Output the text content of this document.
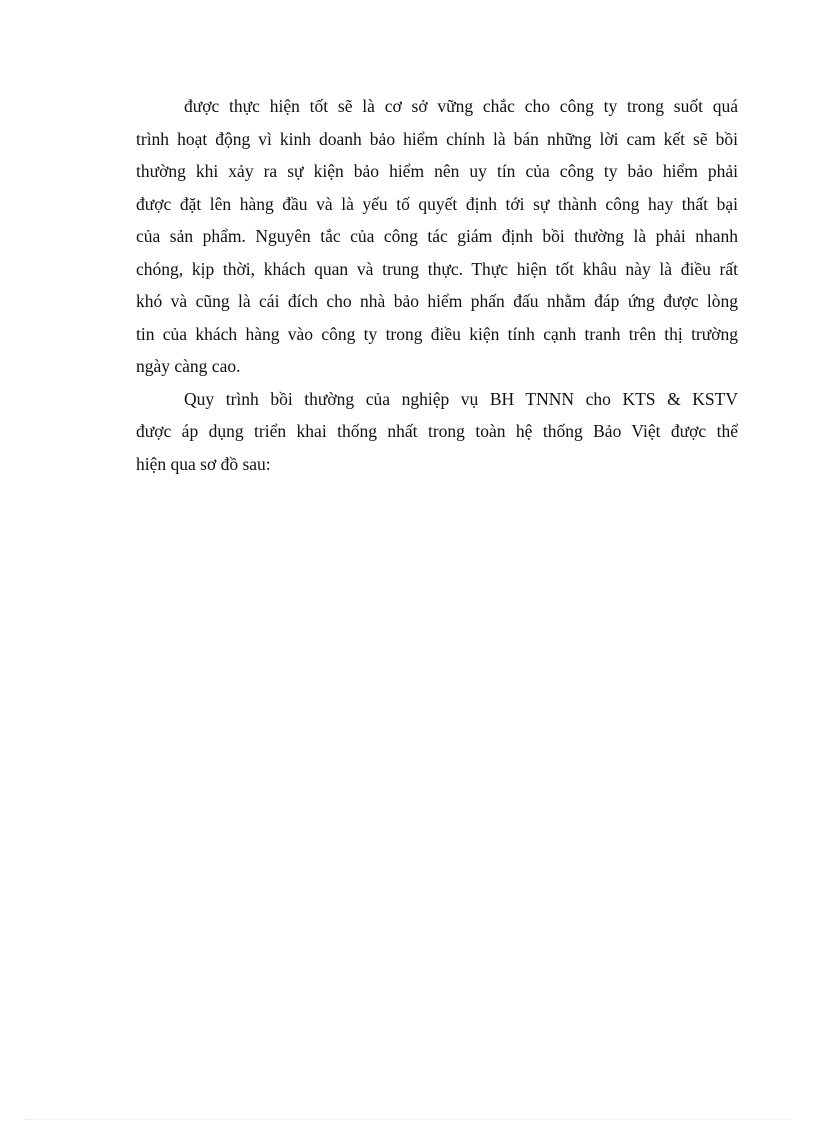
được thực hiện tốt sẽ là cơ sở vững chắc cho công ty trong suốt quá
trình hoạt động vì kinh doanh bảo hiểm chính là bán những lời cam kết sẽ bồi
thường khi xảy ra sự kiện bảo hiểm nên uy tín của công ty bảo hiểm phải
được đặt lên hàng đầu và là yếu tố quyết định tới sự thành công hay thất bại
của sản phẩm. Nguyên tắc của công tác giám định bồi thường là phải nhanh
chóng, kịp thời, khách quan và trung thực. Thực hiện tốt khâu này là điều rất
khó và cũng là cái đích cho nhà bảo hiểm phấn đấu nhằm đáp ứng được lòng
tin của khách hàng vào công ty trong điều kiện tính cạnh tranh trên thị trường
ngày càng cao.

Quy trình bồi thường của nghiệp vụ BH TNNN cho KTS & KSTV
được áp dụng triển khai thống nhất trong toàn hệ thống Bảo Việt được thể
hiện qua sơ đồ sau:
